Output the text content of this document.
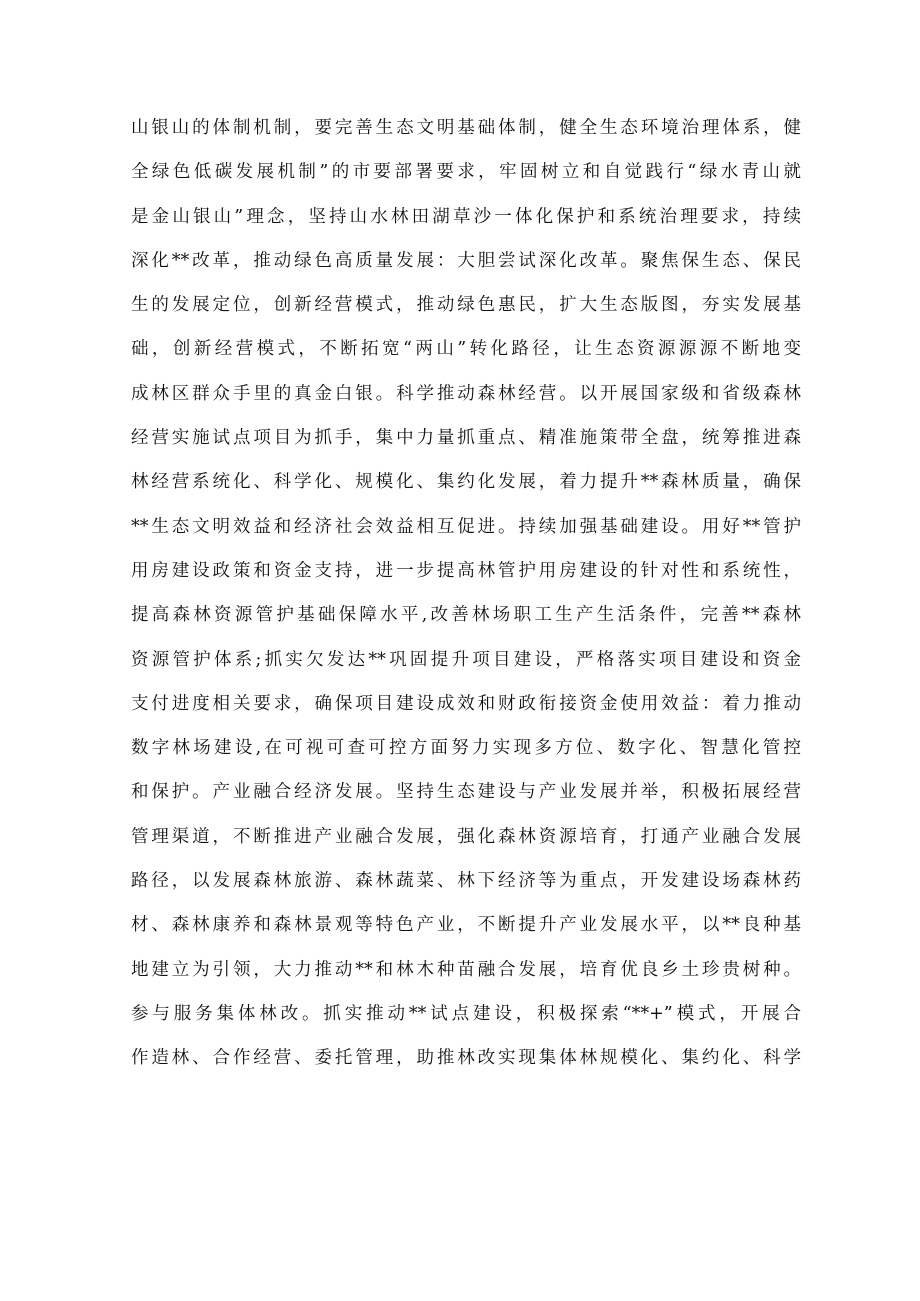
山银山的体制机制，要完善生态文明基础体制，健全生态环境治理体系，健
全绿色低碳发展机制”的市要部署要求，牢固树立和自觉践行“绿水青山就
是金山银山”理念，坚持山水林田湖草沙一体化保护和系统治理要求，持续
深化**改革，推动绿色高质量发展：大胆尝试深化改革。聚焦保生态、保民
生的发展定位，创新经营模式，推动绿色惠民，扩大生态版图，夯实发展基
础，创新经营模式，不断拓宽“两山”转化路径，让生态资源源源不断地变
成林区群众手里的真金白银。科学推动森林经营。以开展国家级和省级森林
经营实施试点项目为抓手，集中力量抓重点、精准施策带全盘，统筹推进森
林经营系统化、科学化、规模化、集约化发展，着力提升**森林质量，确保
**生态文明效益和经济社会效益相互促进。持续加强基础建设。用好**管护
用房建设政策和资金支持，进一步提高林管护用房建设的针对性和系统性，
提高森林资源管护基础保障水平,改善林场职工生产生活条件，完善**森林
资源管护体系;抓实欠发达**巩固提升项目建设，严格落实项目建设和资金
支付进度相关要求，确保项目建设成效和财政衔接资金使用效益：着力推动
数字林场建设,在可视可查可控方面努力实现多方位、数字化、智慧化管控
和保护。产业融合经济发展。坚持生态建设与产业发展并举，积极拓展经营
管理渠道，不断推进产业融合发展，强化森林资源培育，打通产业融合发展
路径，以发展森林旅游、森林蔬菜、林下经济等为重点，开发建设场森林药
材、森林康养和森林景观等特色产业，不断提升产业发展水平，以**良种基
地建立为引领，大力推动**和林木种苗融合发展，培育优良乡土珍贵树种。
参与服务集体林改。抓实推动**试点建设，积极探索“**+”模式，开展合
作造林、合作经营、委托管理，助推林改实现集体林规模化、集约化、科学
